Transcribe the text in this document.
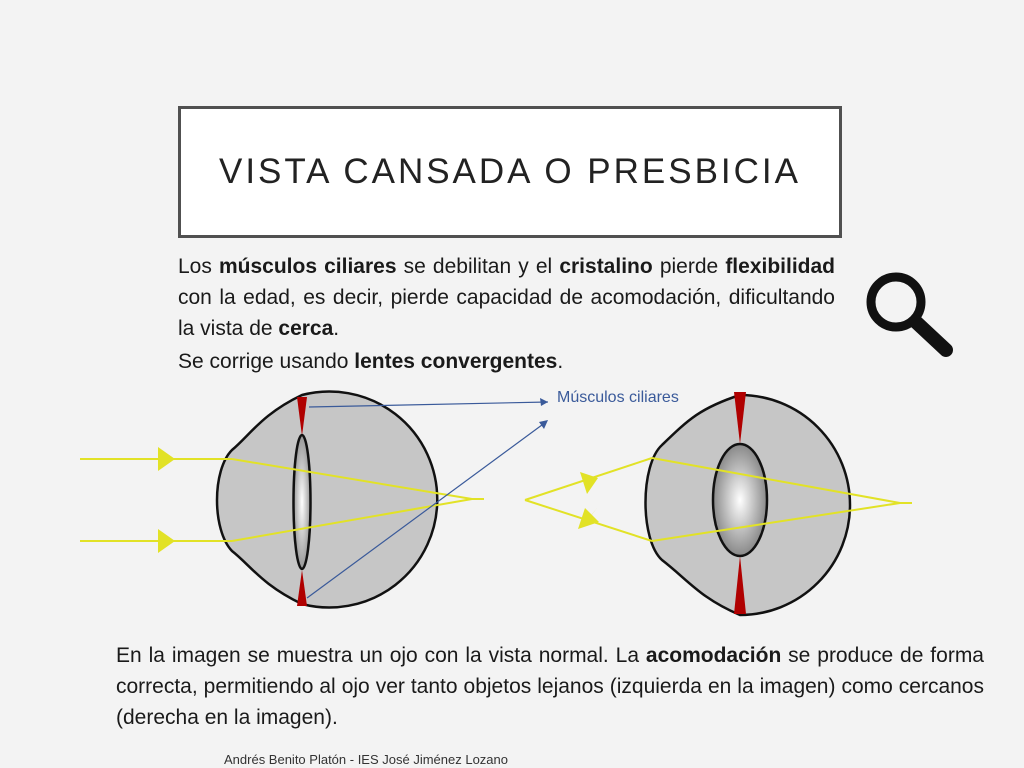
VISTA CANSADA O PRESBICIA

Los músculos ciliares se debilitan y el cristalino pierde flexibilidad con la edad, es decir, pierde capacidad de acomodación, dificultando la vista de cerca.

Se corrige usando lentes convergentes.

Músculos ciliares

En la imagen se muestra un ojo con la vista normal. La acomodación se produce de forma correcta, permitiendo al ojo ver tanto objetos lejanos (izquierda en la imagen) como cercanos (derecha en la imagen).

Andrés Benito Platón - IES José Jiménez Lozano
